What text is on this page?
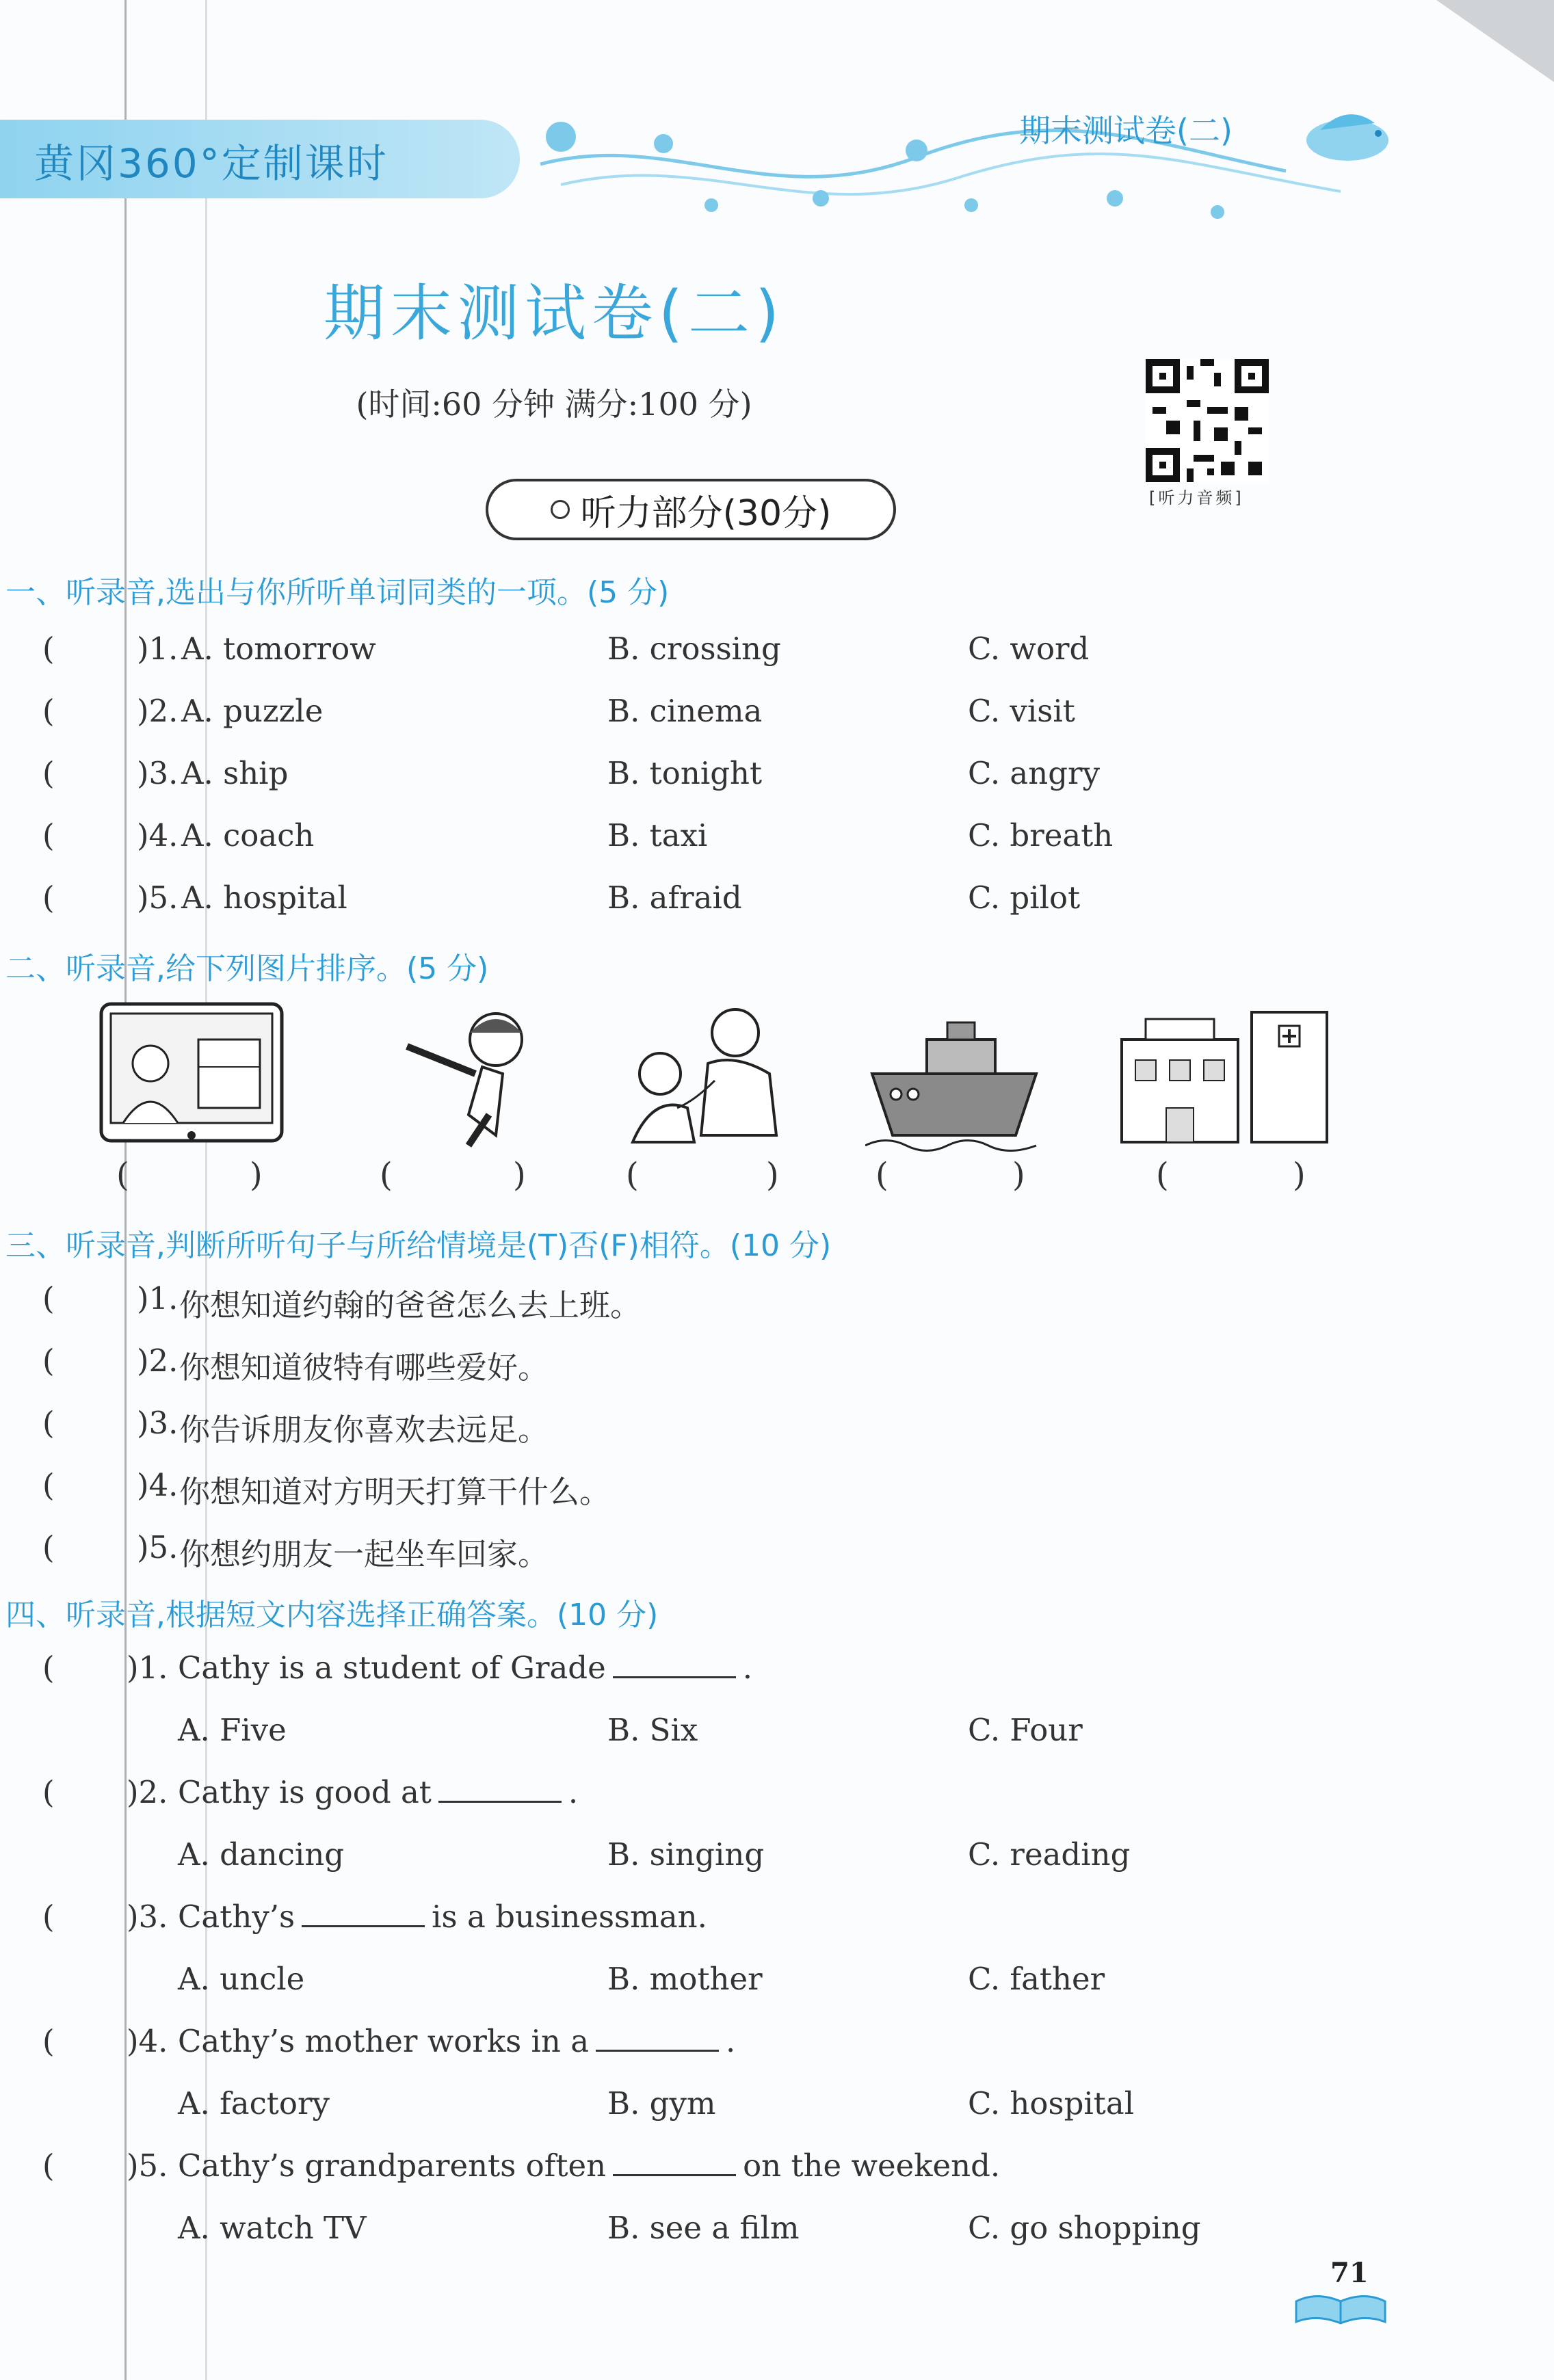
黄冈360°定制课时
期末测试卷(二)
期末测试卷(二)
(时间:60 分钟 满分:100 分)
[听力音频]
听力部分(30分)
一、听录音,选出与你所听单词同类的一项。(5 分)
(	)1. A. tomorrow	B. crossing	C. word
(	)2. A. puzzle	B. cinema	C. visit
(	)3. A. ship	B. tonight	C. angry
(	)4. A. coach	B. taxi	C. breath
(	)5. A. hospital	B. afraid	C. pilot
二、听录音,给下列图片排序。(5 分)
(	)	(	)	(	)	(	)	(	)
三、听录音,判断所听句子与所给情境是(T)否(F)相符。(10 分)
(	)1. 你想知道约翰的爸爸怎么去上班。
(	)2. 你想知道彼特有哪些爱好。
(	)3. 你告诉朋友你喜欢去远足。
(	)4. 你想知道对方明天打算干什么。
(	)5. 你想约朋友一起坐车回家。
四、听录音,根据短文内容选择正确答案。(10 分)
( )1. Cathy is a student of Grade	.
A. Five	B. Six	C. Four
( )2. Cathy is good at	.
A. dancing	B. singing	C. reading
( )3. Cathy’s	is a businessman.
A. uncle	B. mother	C. father
( )4. Cathy’s mother works in a	.
A. factory	B. gym	C. hospital
( )5. Cathy’s grandparents often	on the weekend.
A. watch TV	B. see a film	C. go shopping
71
